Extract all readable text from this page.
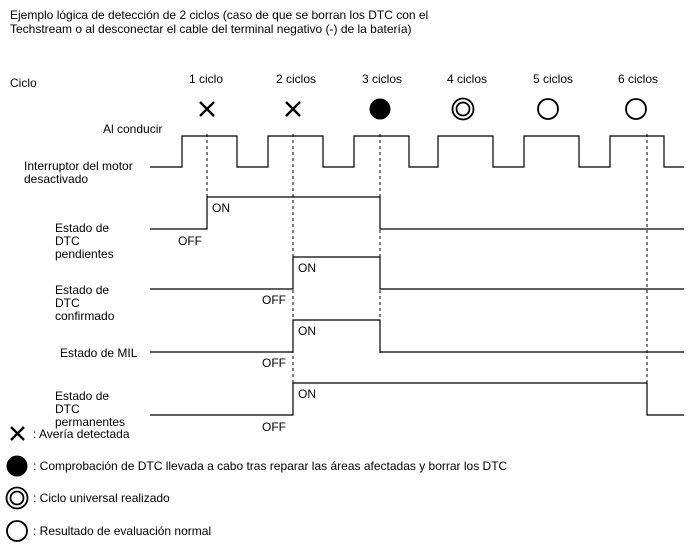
Ejemplo lógica de detección de 2 ciclos (caso de que se borran los DTC con el
Techstream o al desconectar el cable del terminal negativo (-) de la batería)
Ciclo	1 ciclo	2 ciclos	3 ciclos	4 ciclos	5 ciclos	6 ciclos
Al conducir
Interruptor del motor
desactivado
Estado de
DTC
pendientes
Estado de
DTC
confirmado
Estado de MIL
Estado de
DTC
permanentes
ON
OFF
ON
OFF
ON
OFF
ON
OFF
: Avería detectada
: Comprobación de DTC llevada a cabo tras reparar las áreas afectadas y borrar los DTC
: Ciclo universal realizado
: Resultado de evaluación normal
